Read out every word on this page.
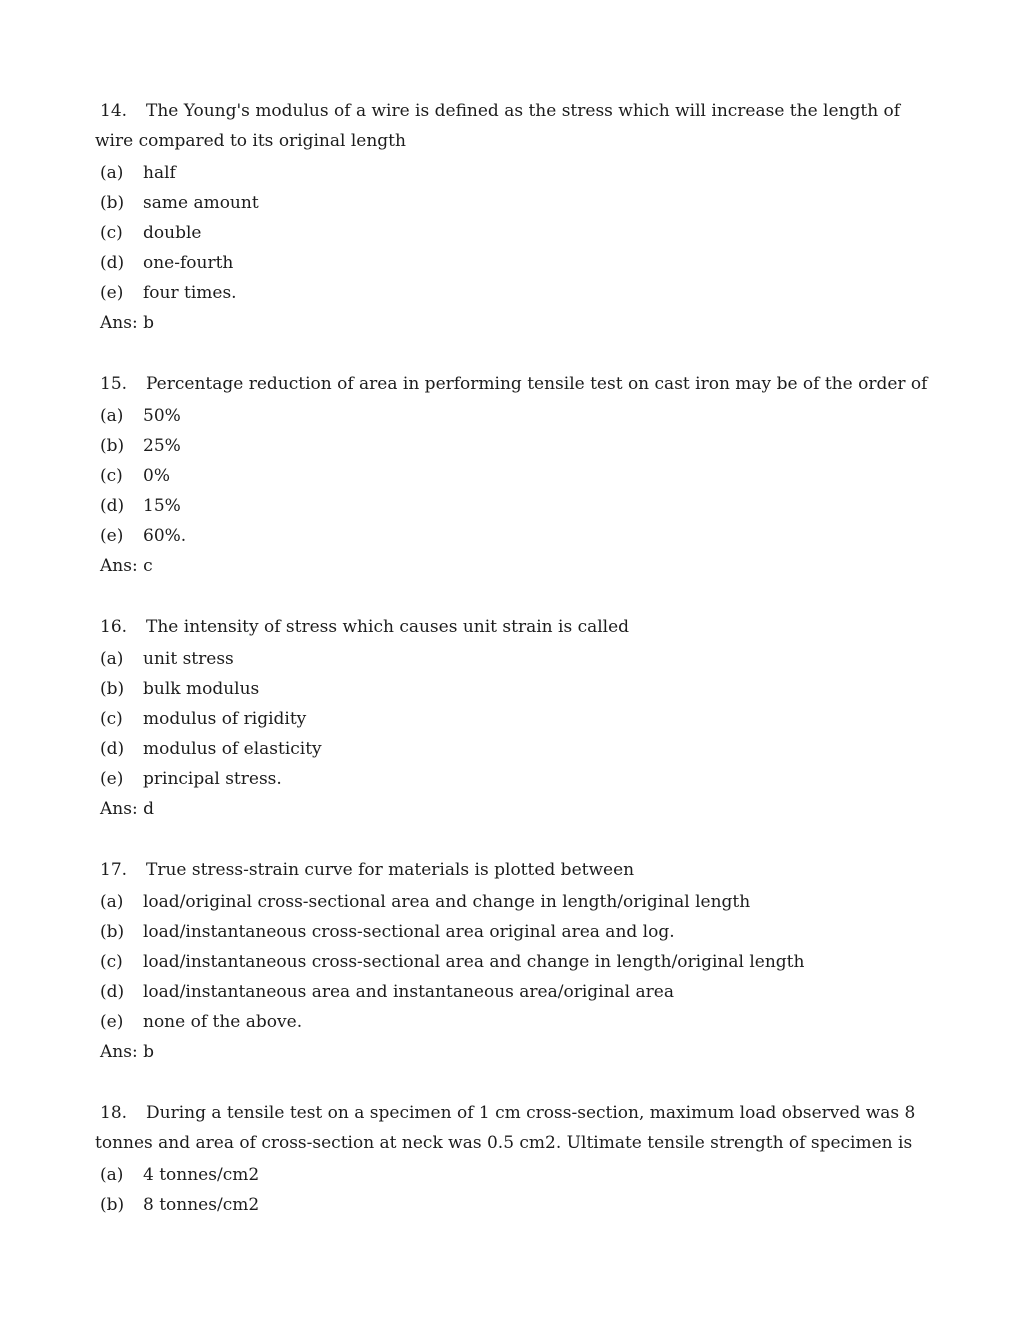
14. The Young's modulus of a wire is defined as the stress which will increase the length of wire compared to its original length

(a) half
(b) same amount
(c) double
(d) one-fourth
(e) four times.

Ans: b

15. Percentage reduction of area in performing tensile test on cast iron may be of the order of

(a) 50%
(b) 25%
(c) 0%
(d) 15%
(e) 60%.

Ans: c

16. The intensity of stress which causes unit strain is called

(a) unit stress
(b) bulk modulus
(c) modulus of rigidity
(d) modulus of elasticity
(e) principal stress.

Ans: d

17. True stress-strain curve for materials is plotted between

(a) load/original cross-sectional area and change in length/original length
(b) load/instantaneous cross-sectional area original area and log.
(c) load/instantaneous cross-sectional area and change in length/original length
(d) load/instantaneous area and instantaneous area/original area
(e) none of the above.

Ans: b

18. During a tensile test on a specimen of 1 cm cross-section, maximum load observed was 8 tonnes and area of cross-section at neck was 0.5 cm2. Ultimate tensile strength of specimen is

(a) 4 tonnes/cm2
(b) 8 tonnes/cm2
